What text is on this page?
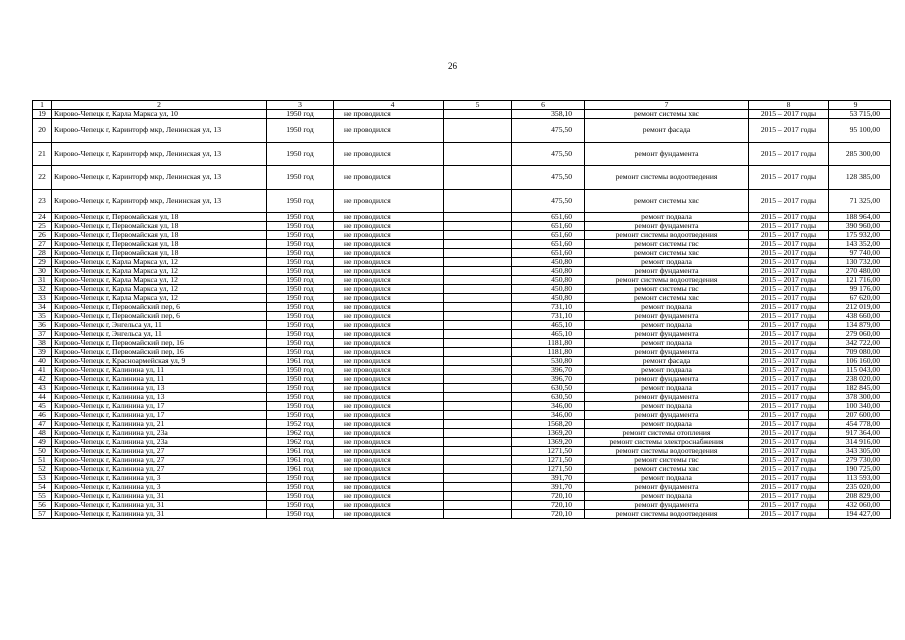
26
1	2	3	4	5	6	7	8	9
19	Кирово-Чепецк г, Карла Маркса ул, 10	1950 год	не проводился		358,10	ремонт системы хвс	2015 – 2017 годы	53 715,00
20	Кирово-Чепецк г, Каринторф мкр, Ленинская ул, 13	1950 год	не проводился		475,50	ремонт фасада	2015 – 2017 годы	95 100,00
21	Кирово-Чепецк г, Каринторф мкр, Ленинская ул, 13	1950 год	не проводился		475,50	ремонт фундамента	2015 – 2017 годы	285 300,00
22	Кирово-Чепецк г, Каринторф мкр, Ленинская ул, 13	1950 год	не проводился		475,50	ремонт системы водоотведения	2015 – 2017 годы	128 385,00
23	Кирово-Чепецк г, Каринторф мкр, Ленинская ул, 13	1950 год	не проводился		475,50	ремонт системы хвс	2015 – 2017 годы	71 325,00
24	Кирово-Чепецк г, Первомайская ул, 18	1950 год	не проводился		651,60	ремонт подвала	2015 – 2017 годы	188 964,00
25	Кирово-Чепецк г, Первомайская ул, 18	1950 год	не проводился		651,60	ремонт фундамента	2015 – 2017 годы	390 960,00
26	Кирово-Чепецк г, Первомайская ул, 18	1950 год	не проводился		651,60	ремонт системы водоотведения	2015 – 2017 годы	175 932,00
27	Кирово-Чепецк г, Первомайская ул, 18	1950 год	не проводился		651,60	ремонт системы гвс	2015 – 2017 годы	143 352,00
28	Кирово-Чепецк г, Первомайская ул, 18	1950 год	не проводился		651,60	ремонт системы хвс	2015 – 2017 годы	97 740,00
29	Кирово-Чепецк г, Карла Маркса ул, 12	1950 год	не проводился		450,80	ремонт подвала	2015 – 2017 годы	130 732,00
30	Кирово-Чепецк г, Карла Маркса ул, 12	1950 год	не проводился		450,80	ремонт фундамента	2015 – 2017 годы	270 480,00
31	Кирово-Чепецк г, Карла Маркса ул, 12	1950 год	не проводился		450,80	ремонт системы водоотведения	2015 – 2017 годы	121 716,00
32	Кирово-Чепецк г, Карла Маркса ул, 12	1950 год	не проводился		450,80	ремонт системы гвс	2015 – 2017 годы	99 176,00
33	Кирово-Чепецк г, Карла Маркса ул, 12	1950 год	не проводился		450,80	ремонт системы хвс	2015 – 2017 годы	67 620,00
34	Кирово-Чепецк г, Первомайский пер, 6	1950 год	не проводился		731,10	ремонт подвала	2015 – 2017 годы	212 019,00
35	Кирово-Чепецк г, Первомайский пер, 6	1950 год	не проводился		731,10	ремонт фундамента	2015 – 2017 годы	438 660,00
36	Кирово-Чепецк г, Энгельса ул, 11	1950 год	не проводился		465,10	ремонт подвала	2015 – 2017 годы	134 879,00
37	Кирово-Чепецк г, Энгельса ул, 11	1950 год	не проводился		465,10	ремонт фундамента	2015 – 2017 годы	279 060,00
38	Кирово-Чепецк г, Первомайский пер, 16	1950 год	не проводился		1181,80	ремонт подвала	2015 – 2017 годы	342 722,00
39	Кирово-Чепецк г, Первомайский пер, 16	1950 год	не проводился		1181,80	ремонт фундамента	2015 – 2017 годы	709 080,00
40	Кирово-Чепецк г, Красноармейская ул, 9	1961 год	не проводился		530,80	ремонт фасада	2015 – 2017 годы	106 160,00
41	Кирово-Чепецк г, Калинина ул, 11	1950 год	не проводился		396,70	ремонт подвала	2015 – 2017 годы	115 043,00
42	Кирово-Чепецк г, Калинина ул, 11	1950 год	не проводился		396,70	ремонт фундамента	2015 – 2017 годы	238 020,00
43	Кирово-Чепецк г, Калинина ул, 13	1950 год	не проводился		630,50	ремонт подвала	2015 – 2017 годы	182 845,00
44	Кирово-Чепецк г, Калинина ул, 13	1950 год	не проводился		630,50	ремонт фундамента	2015 – 2017 годы	378 300,00
45	Кирово-Чепецк г, Калинина ул, 17	1950 год	не проводился		346,00	ремонт подвала	2015 – 2017 годы	100 340,00
46	Кирово-Чепецк г, Калинина ул, 17	1950 год	не проводился		346,00	ремонт фундамента	2015 – 2017 годы	207 600,00
47	Кирово-Чепецк г, Калинина ул, 21	1952 год	не проводился		1568,20	ремонт подвала	2015 – 2017 годы	454 778,00
48	Кирово-Чепецк г, Калинина ул, 23а	1962 год	не проводился		1369,20	ремонт системы отопления	2015 – 2017 годы	917 364,00
49	Кирово-Чепецк г, Калинина ул, 23а	1962 год	не проводился		1369,20	ремонт системы электроснабжения	2015 – 2017 годы	314 916,00
50	Кирово-Чепецк г, Калинина ул, 27	1961 год	не проводился		1271,50	ремонт системы водоотведения	2015 – 2017 годы	343 305,00
51	Кирово-Чепецк г, Калинина ул, 27	1961 год	не проводился		1271,50	ремонт системы гвс	2015 – 2017 годы	279 730,00
52	Кирово-Чепецк г, Калинина ул, 27	1961 год	не проводился		1271,50	ремонт системы хвс	2015 – 2017 годы	190 725,00
53	Кирово-Чепецк г, Калинина ул, 3	1950 год	не проводился		391,70	ремонт подвала	2015 – 2017 годы	113 593,00
54	Кирово-Чепецк г, Калинина ул, 3	1950 год	не проводился		391,70	ремонт фундамента	2015 – 2017 годы	235 020,00
55	Кирово-Чепецк г, Калинина ул, 31	1950 год	не проводился		720,10	ремонт подвала	2015 – 2017 годы	208 829,00
56	Кирово-Чепецк г, Калинина ул, 31	1950 год	не проводился		720,10	ремонт фундамента	2015 – 2017 годы	432 060,00
57	Кирово-Чепецк г, Калинина ул, 31	1950 год	не проводился		720,10	ремонт системы водоотведения	2015 – 2017 годы	194 427,00
